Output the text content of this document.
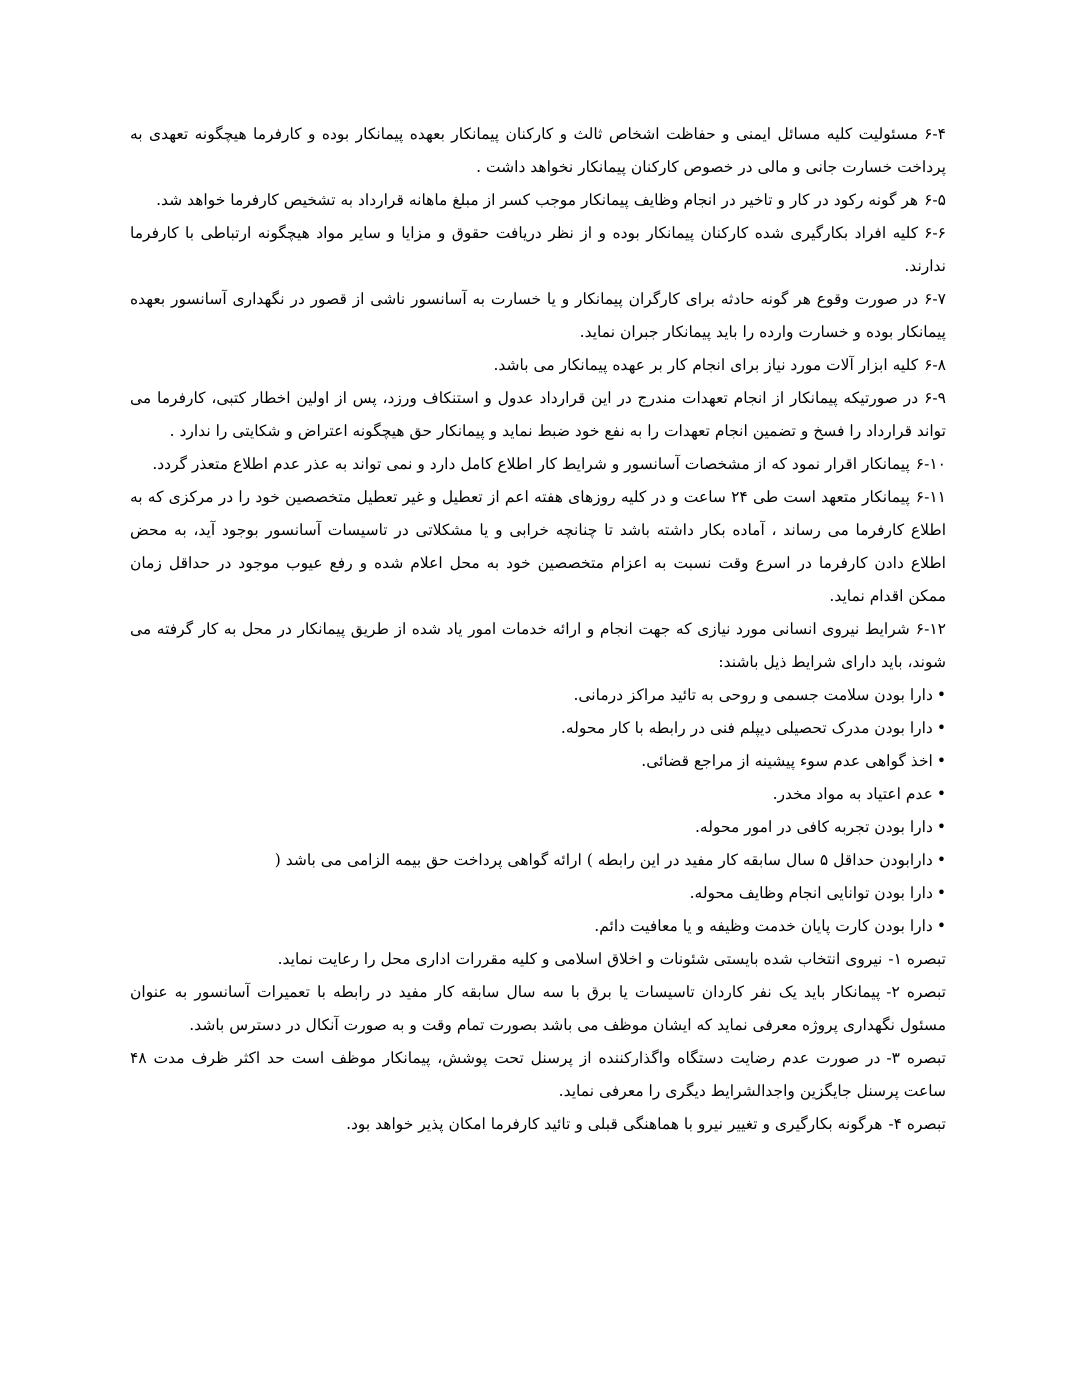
۶-۴مسئولیت کلیه مسائل ایمنی و حفاظت اشخاص ثالث و کارکنان پیمانکار بعهده پیمانکار بوده و کارفرما هیچگونه تعهدی به پرداخت خسارت جانی و مالی در خصوص کارکنان پیمانکار نخواهد داشت .

۶-۵هر گونه رکود در کار و تاخیر در انجام وظایف پیمانکار موجب کسر از مبلغ ماهانه قرارداد به تشخیص کارفرما خواهد شد.

۶-۶کلیه افراد بکارگیری شده کارکنان پیمانکار بوده و از نظر دریافت حقوق و مزایا و سایر مواد هیچگونه ارتباطی با کارفرما ندارند.

۶-۷در صورت وقوع هر گونه حادثه برای کارگران پیمانکار و یا خسارت به آسانسور ناشی از قصور در نگهداری آسانسور بعهده پیمانکار بوده و خسارت وارده را باید پیمانکار جبران نماید.

۶-۸کلیه ابزار آلات مورد نیاز برای انجام کار بر عهده پیمانکار می باشد.

۶-۹در صورتیکه پیمانکار از انجام تعهدات مندرج در این قرارداد عدول و استنکاف ورزد، پس از اولین اخطار کتبی، کارفرما می تواند قرارداد را فسخ و تضمین انجام تعهدات را به نفع خود ضبط نماید و پیمانکار حق هیچگونه اعتراض و شکایتی را ندارد .

۶-۱۰پیمانکار اقرار نمود که از مشخصات آسانسور و شرایط کار اطلاع کامل دارد و نمی تواند به عذر عدم اطلاع متعذر گردد.

۶-۱۱پیمانکار متعهد است طی ۲۴ ساعت و در کلیه روزهای هفته اعم از تعطیل و غیر تعطیل متخصصین خود را در مرکزی که به اطلاع کارفرما می رساند ، آماده بکار داشته باشد تا چنانچه خرابی و یا مشکلاتی در تاسیسات آسانسور بوجود آید، به محض اطلاع دادن کارفرما در اسرع وقت نسبت به اعزام متخصصین خود به محل اعلام شده و رفع عیوب موجود در حداقل زمان ممکن اقدام نماید.

۶-۱۲شرایط نیروی انسانی مورد نیازی که جهت انجام و ارائه خدمات امور یاد شده از طریق پیمانکار در محل به کار گرفته می شوند، باید دارای شرایط ذیل باشند:

•دارا بودن سلامت جسمی و روحی به تائید مراکز درمانی.

•دارا بودن مدرک تحصیلی دیپلم فنی در رابطه با کار محوله.

•اخذ گواهی عدم سوء پیشینه از مراجع قضائی.

•عدم اعتیاد به مواد مخدر.

•دارا بودن تجربه کافی در امور محوله.

•دارابودن حداقل ۵ سال سابقه کار مفید در این رابطه ) ارائه گواهی پرداخت حق بیمه الزامی می باشد (

•دارا بودن توانایی انجام وظایف محوله.

•دارا بودن کارت پایان خدمت وظیفه و یا معافیت دائم.

تبصره ۱-نیروی انتخاب شده بایستی شئونات و اخلاق اسلامی و کلیه مقررات اداری محل را رعایت نماید.

تبصره ۲-پیمانکار باید یک نفر کاردان تاسیسات یا برق با سه سال سابقه کار مفید در رابطه با تعمیرات آسانسور به عنوان مسئول نگهداری پروژه معرفی نماید که ایشان موظف می باشد بصورت تمام وقت و به صورت آنکال در دسترس باشد.

تبصره ۳-در صورت عدم رضایت دستگاه واگذارکننده از پرسنل تحت پوشش، پیمانکار موظف است حد اکثر ظرف مدت ۴۸ ساعت پرسنل جایگزین واجدالشرایط دیگری را معرفی نماید.

تبصره ۴-هرگونه بکارگیری و تغییر نیرو با هماهنگی قبلی و تائید کارفرما امکان پذیر خواهد بود.
